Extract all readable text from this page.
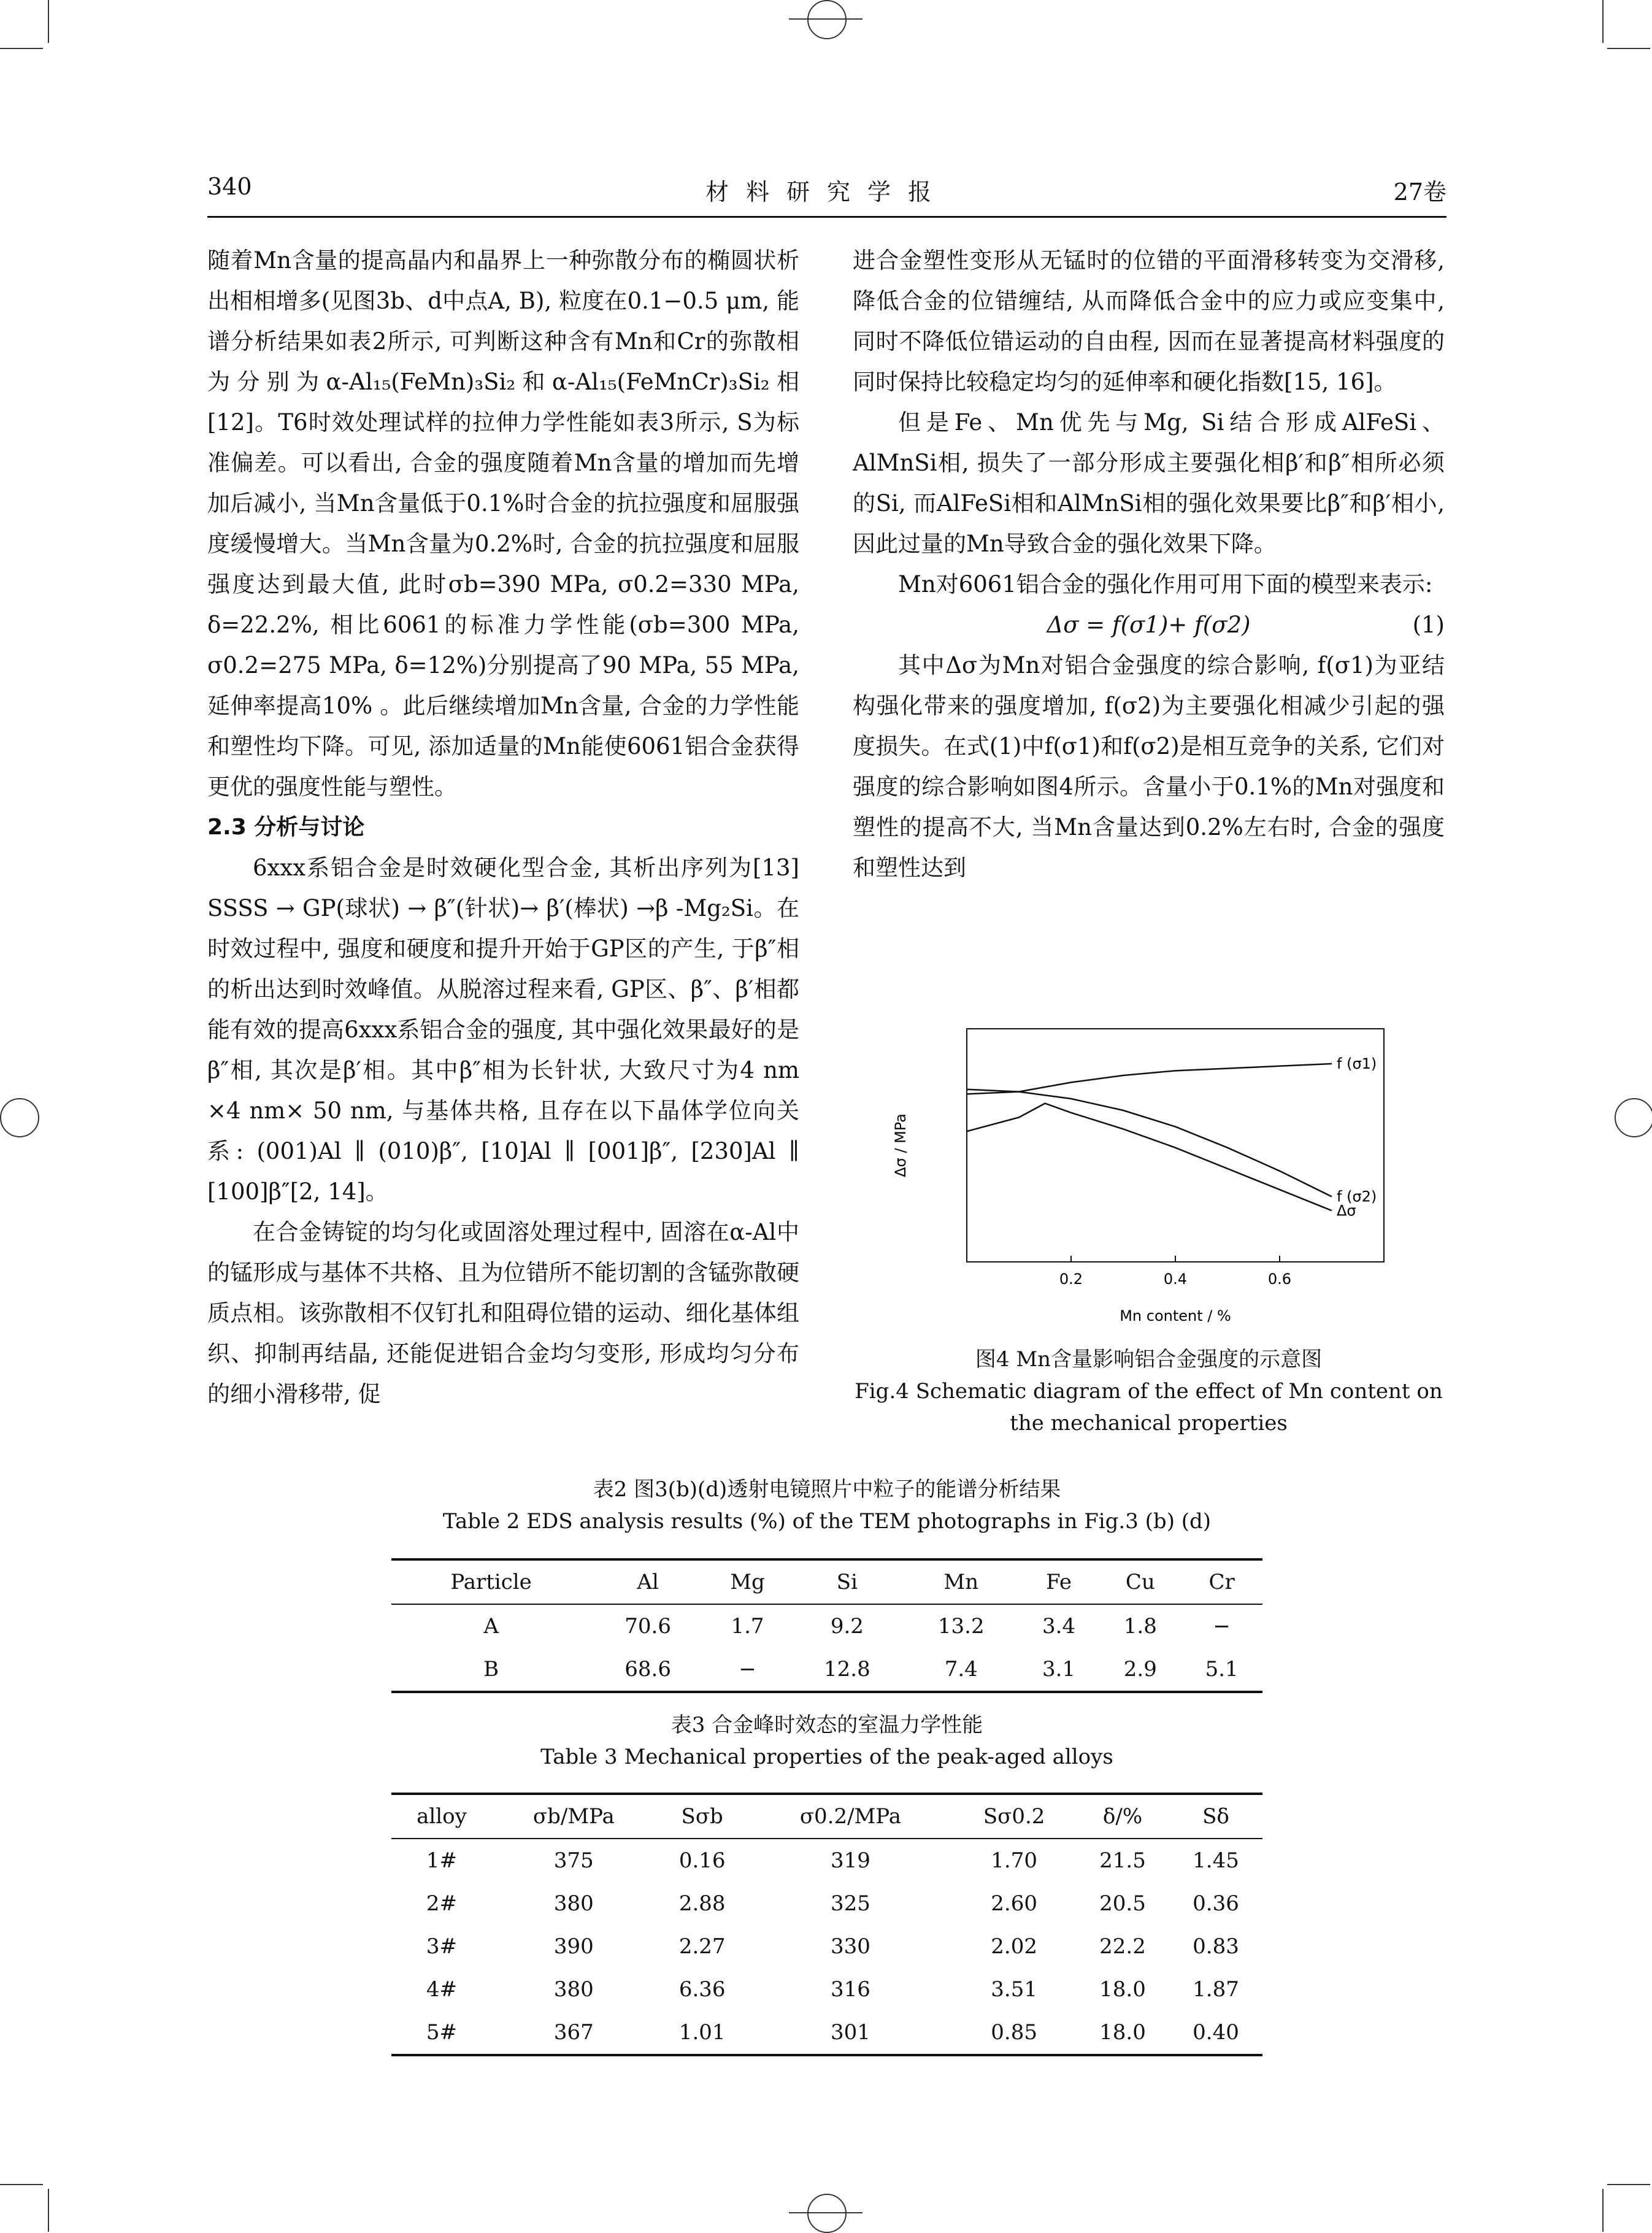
340	材料研究学报	27卷

随着Mn含量的提高晶内和晶界上一种弥散分布的椭圆状析出相相增多(见图3b、d中点A, B), 粒度在0.1−0.5 μm, 能谱分析结果如表2所示, 可判断这种含有Mn和Cr的弥散相为分别为α-Al₁₅(FeMn)₃Si₂和α-Al₁₅(FeMnCr)₃Si₂相[12]。T6时效处理试样的拉伸力学性能如表3所示, S为标准偏差。可以看出, 合金的强度随着Mn含量的增加而先增加后减小, 当Mn含量低于0.1%时合金的抗拉强度和屈服强度缓慢增大。当Mn含量为0.2%时, 合金的抗拉强度和屈服强度达到最大值, 此时σb=390 MPa, σ0.2=330 MPa, δ=22.2%, 相比6061的标准力学性能(σb=300 MPa, σ0.2=275 MPa, δ=12%)分别提高了90 MPa, 55 MPa, 延伸率提高10% 。此后继续增加Mn含量, 合金的力学性能和塑性均下降。可见, 添加适量的Mn能使6061铝合金获得更优的强度性能与塑性。

2.3 分析与讨论

6xxx系铝合金是时效硬化型合金, 其析出序列为[13] SSSS → GP(球状) → β″(针状)→ β′(棒状) →β -Mg₂Si。在时效过程中, 强度和硬度和提升开始于GP区的产生, 于β″相的析出达到时效峰值。从脱溶过程来看, GP区、β″、β′相都能有效的提高6xxx系铝合金的强度, 其中强化效果最好的是β″相, 其次是β′相。其中β″相为长针状, 大致尺寸为4 nm ×4 nm× 50 nm, 与基体共格, 且存在以下晶体学位向关系: (001)Al ∥ (010)β″, [10]Al ∥ [001]β″, [230]Al ∥ [100]β″[2, 14]。

在合金铸锭的均匀化或固溶处理过程中, 固溶在α-Al中的锰形成与基体不共格、且为位错所不能切割的含锰弥散硬质点相。该弥散相不仅钉扎和阻碍位错的运动、细化基体组织、抑制再结晶, 还能促进铝合金均匀变形, 形成均匀分布的细小滑移带, 促

进合金塑性变形从无锰时的位错的平面滑移转变为交滑移, 降低合金的位错缠结, 从而降低合金中的应力或应变集中, 同时不降低位错运动的自由程, 因而在显著提高材料强度的同时保持比较稳定均匀的延伸率和硬化指数[15, 16]。

但是Fe、Mn优先与Mg, Si结合形成AlFeSi、AlMnSi相, 损失了一部分形成主要强化相β′和β″相所必须的Si, 而AlFeSi相和AlMnSi相的强化效果要比β″和β′相小, 因此过量的Mn导致合金的强化效果下降。

Mn对6061铝合金的强化作用可用下面的模型来表示:

Δσ = f(σ1)+ f(σ2)	(1)

其中Δσ为Mn对铝合金强度的综合影响, f(σ1)为亚结构强化带来的强度增加, f(σ2)为主要强化相减少引起的强度损失。在式(1)中f(σ1)和f(σ2)是相互竞争的关系, 它们对强度的综合影响如图4所示。含量小于0.1%的Mn对强度和塑性的提高不大, 当Mn含量达到0.2%左右时, 合金的强度和塑性达到

f (σ1)
f (σ2)
Δσ
0.2	0.4	0.6
Mn content / %
Δσ / MPa
图4 Mn含量影响铝合金强度的示意图
Fig.4 Schematic diagram of the effect of Mn content on
the mechanical properties
表2 图3(b)(d)透射电镜照片中粒子的能谱分析结果
Table 2 EDS analysis results (%) of the TEM photographs in Fig.3 (b) (d)
Particle	Al	Mg	Si	Mn	Fe	Cu	Cr
A	70.6	1.7	9.2	13.2	3.4	1.8	−
B	68.6	−	12.8	7.4	3.1	2.9	5.1
表3 合金峰时效态的室温力学性能
Table 3 Mechanical properties of the peak-aged alloys
alloy	σb/MPa	Sσb	σ0.2/MPa	Sσ0.2	δ/%	Sδ
1#	375	0.16	319	1.70	21.5	1.45
2#	380	2.88	325	2.60	20.5	0.36
3#	390	2.27	330	2.02	22.2	0.83
4#	380	6.36	316	3.51	18.0	1.87
5#	367	1.01	301	0.85	18.0	0.40
